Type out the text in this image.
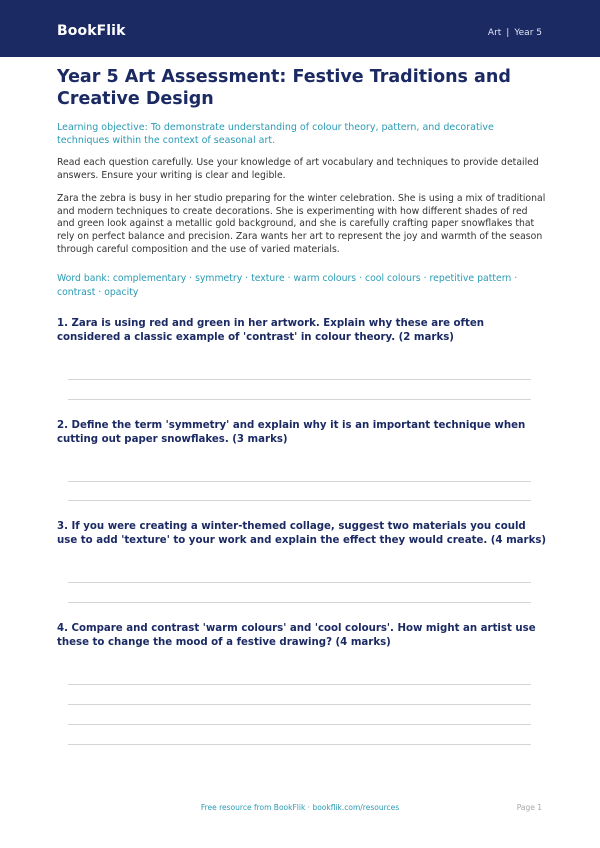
BookFlik	Art | Year 5
Year 5 Art Assessment: Festive Traditions and Creative Design
Learning objective: To demonstrate understanding of colour theory, pattern, and decorative techniques within the context of seasonal art.

Read each question carefully. Use your knowledge of art vocabulary and techniques to provide detailed answers. Ensure your writing is clear and legible.

Zara the zebra is busy in her studio preparing for the winter celebration. She is using a mix of traditional and modern techniques to create decorations. She is experimenting with how different shades of red and green look against a metallic gold background, and she is carefully crafting paper snowflakes that rely on perfect balance and precision. Zara wants her art to represent the joy and warmth of the season through careful composition and the use of varied materials.

Word bank: complementary · symmetry · texture · warm colours · cool colours · repetitive pattern · contrast · opacity

1. Zara is using red and green in her artwork. Explain why these are often considered a classic example of 'contrast' in colour theory. (2 marks)

2. Define the term 'symmetry' and explain why it is an important technique when cutting out paper snowflakes. (3 marks)

3. If you were creating a winter-themed collage, suggest two materials you could use to add 'texture' to your work and explain the effect they would create. (4 marks)

4. Compare and contrast 'warm colours' and 'cool colours'. How might an artist use these to change the mood of a festive drawing? (4 marks)

Free resource from BookFlik · bookflik.com/resources	Page 1
